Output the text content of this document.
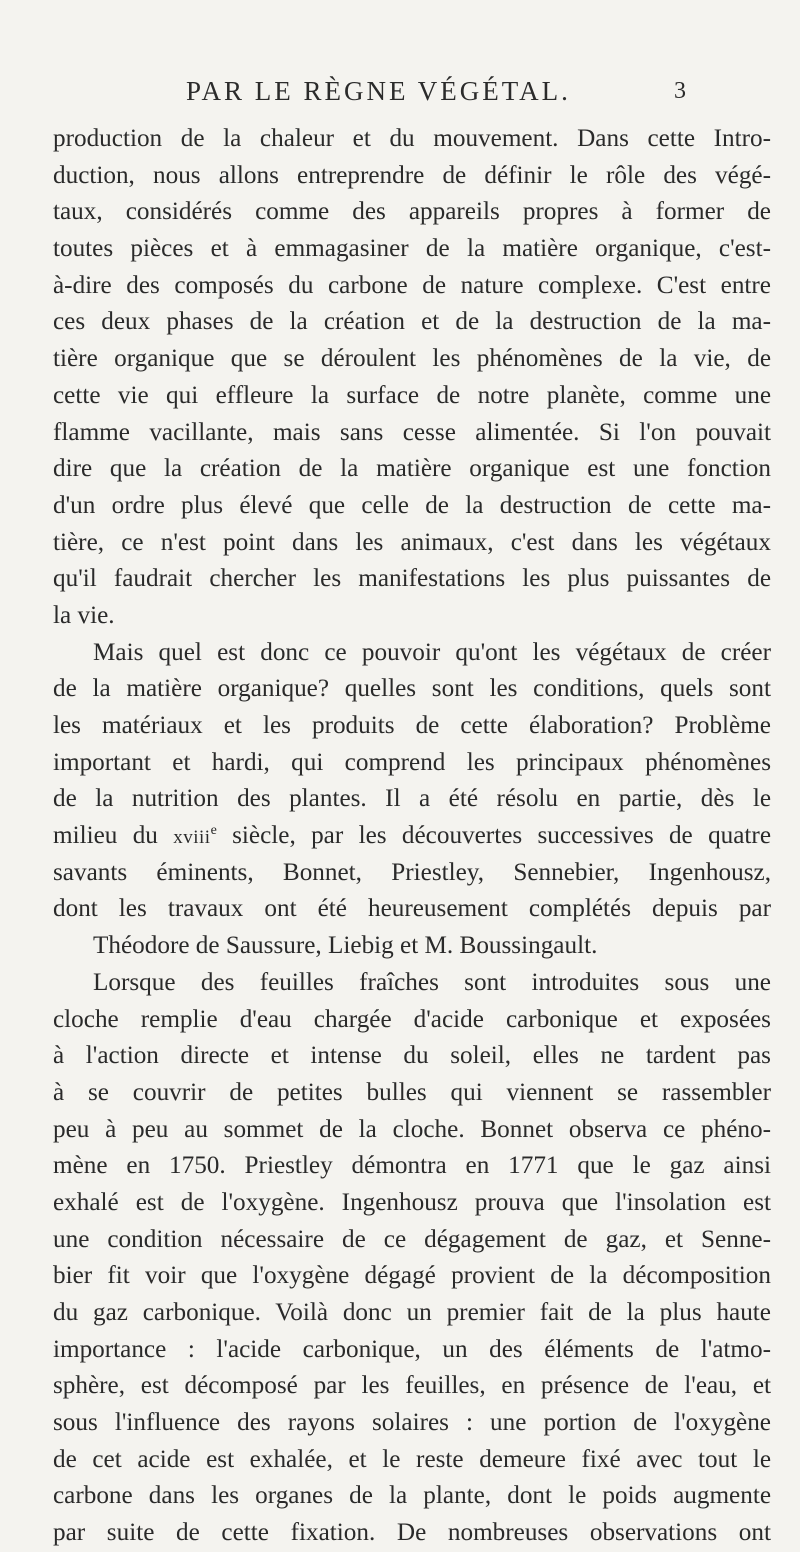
PAR LE RÈGNE VÉGÉTAL.	3
production de la chaleur et du mouvement. Dans cette Intro-
duction, nous allons entreprendre de définir le rôle des végé-
taux, considérés comme des appareils propres à former de
toutes pièces et à emmagasiner de la matière organique, c'est-
à-dire des composés du carbone de nature complexe. C'est entre
ces deux phases de la création et de la destruction de la ma-
tière organique que se déroulent les phénomènes de la vie, de
cette vie qui effleure la surface de notre planète, comme une
flamme vacillante, mais sans cesse alimentée. Si l'on pouvait
dire que la création de la matière organique est une fonction
d'un ordre plus élevé que celle de la destruction de cette ma-
tière, ce n'est point dans les animaux, c'est dans les végétaux
qu'il faudrait chercher les manifestations les plus puissantes de
la vie.
Mais quel est donc ce pouvoir qu'ont les végétaux de créer
de la matière organique? quelles sont les conditions, quels sont
les matériaux et les produits de cette élaboration? Problème
important et hardi, qui comprend les principaux phénomènes
de la nutrition des plantes. Il a été résolu en partie, dès le
milieu du xviii$^e$ siècle, par les découvertes successives de quatre
savants éminents, Bonnet, Priestley, Sennebier, Ingenhousz,
dont les travaux ont été heureusement complétés depuis par
Théodore de Saussure, Liebig et M. Boussingault.
Lorsque des feuilles fraîches sont introduites sous une
cloche remplie d'eau chargée d'acide carbonique et exposées
à l'action directe et intense du soleil, elles ne tardent pas
à se couvrir de petites bulles qui viennent se rassembler
peu à peu au sommet de la cloche. Bonnet observa ce phéno-
mène en 1750. Priestley démontra en 1771 que le gaz ainsi
exhalé est de l'oxygène. Ingenhousz prouva que l'insolation est
une condition nécessaire de ce dégagement de gaz, et Senne-
bier fit voir que l'oxygène dégagé provient de la décomposition
du gaz carbonique. Voilà donc un premier fait de la plus haute
importance : l'acide carbonique, un des éléments de l'atmo-
sphère, est décomposé par les feuilles, en présence de l'eau, et
sous l'influence des rayons solaires : une portion de l'oxygène
de cet acide est exhalée, et le reste demeure fixé avec tout le
carbone dans les organes de la plante, dont le poids augmente
par suite de cette fixation. De nombreuses observations ont
